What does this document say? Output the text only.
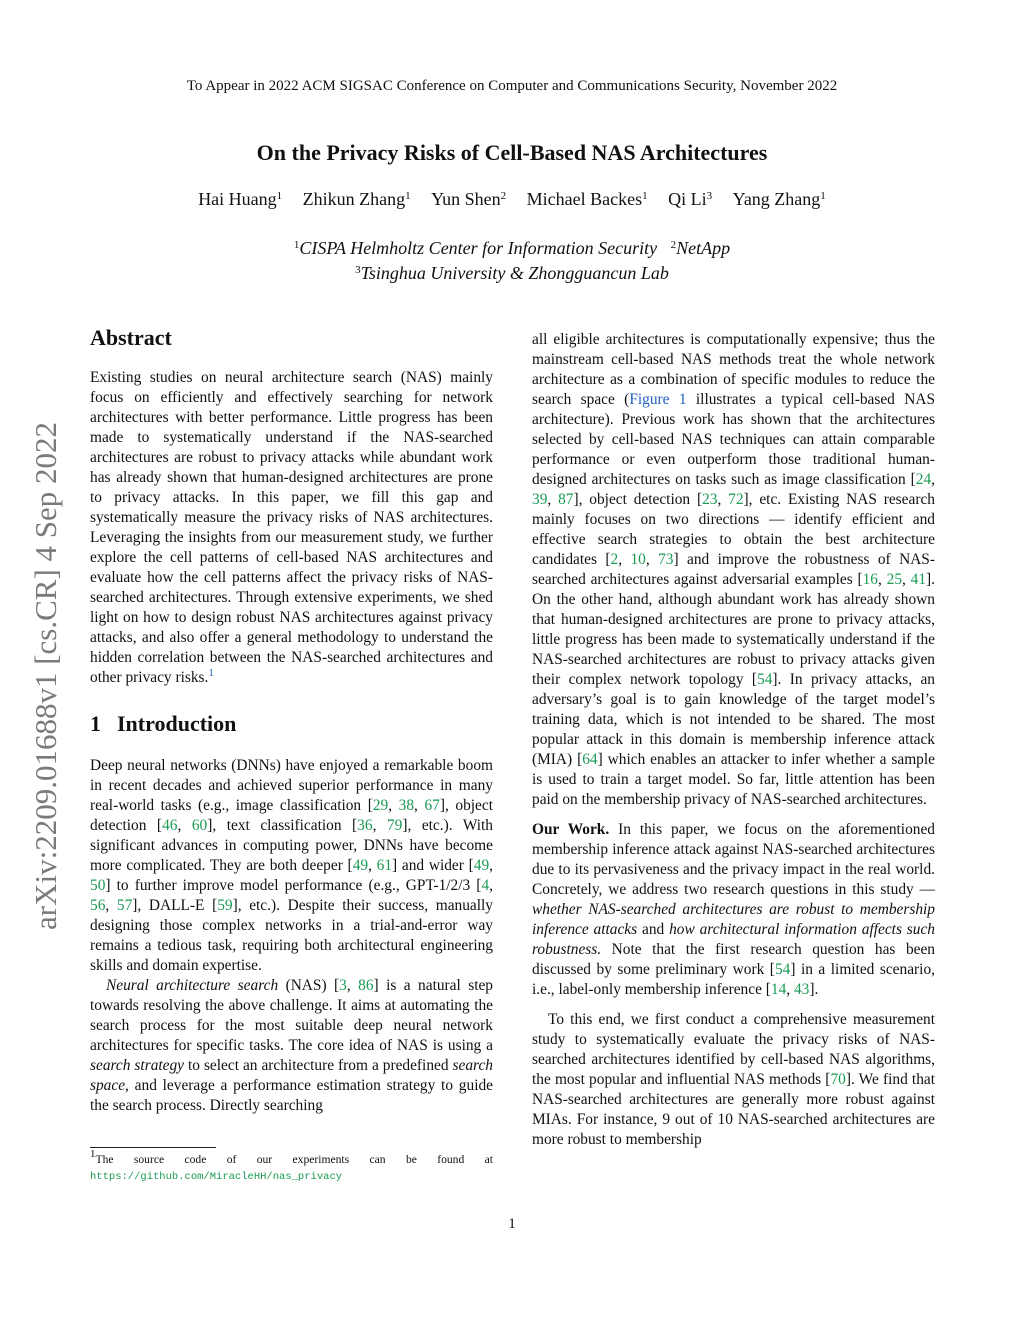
To Appear in 2022 ACM SIGSAC Conference on Computer and Communications Security, November 2022
On the Privacy Risks of Cell-Based NAS Architectures
Hai Huang$^1$ Zhikun Zhang$^1$ Yun Shen$^2$ Michael Backes$^1$ Qi Li$^3$ Yang Zhang$^1$
$^1$CISPA Helmholtz Center for Information Security $^2$NetApp
$^3$Tsinghua University & Zhongguancun Lab
arXiv:2209.01688v1 [cs.CR] 4 Sep 2022
Abstract

Existing studies on neural architecture search (NAS) mainly focus on efficiently and effectively searching for network architectures with better performance. Little progress has been made to systematically understand if the NAS-searched architectures are robust to privacy attacks while abundant work has already shown that human-designed architectures are prone to privacy attacks. In this paper, we fill this gap and systematically measure the privacy risks of NAS architectures. Leveraging the insights from our measurement study, we further explore the cell patterns of cell-based NAS architectures and evaluate how the cell patterns affect the privacy risks of NAS-searched architectures. Through extensive experiments, we shed light on how to design robust NAS architectures against privacy attacks, and also offer a general methodology to understand the hidden correlation between the NAS-searched architectures and other privacy risks.$^1$

1 Introduction

Deep neural networks (DNNs) have enjoyed a remarkable boom in recent decades and achieved superior performance in many real-world tasks (e.g., image classification [29, 38, 67], object detection [46, 60], text classification [36, 79], etc.). With significant advances in computing power, DNNs have become more complicated. They are both deeper [49, 61] and wider [49, 50] to further improve model performance (e.g., GPT-1/2/3 [4, 56, 57], DALL-E [59], etc.). Despite their success, manually designing those complex networks in a trial-and-error way remains a tedious task, requiring both architectural engineering skills and domain expertise.

Neural architecture search (NAS) [3, 86] is a natural step towards resolving the above challenge. It aims at automating the search process for the most suitable deep neural network architectures for specific tasks. The core idea of NAS is using a search strategy to select an architecture from a predefined search space, and leverage a performance estimation strategy to guide the search process. Directly searching

$^1$The source code of our experiments can be found at https://github.com/MiracleHH/nas_privacy

all eligible architectures is computationally expensive; thus the mainstream cell-based NAS methods treat the whole network architecture as a combination of specific modules to reduce the search space (Figure 1 illustrates a typical cell-based NAS architecture). Previous work has shown that the architectures selected by cell-based NAS techniques can attain comparable performance or even outperform those traditional human-designed architectures on tasks such as image classification [24, 39, 87], object detection [23, 72], etc. Existing NAS research mainly focuses on two directions — identify efficient and effective search strategies to obtain the best architecture candidates [2, 10, 73] and improve the robustness of NAS-searched architectures against adversarial examples [16, 25, 41]. On the other hand, although abundant work has already shown that human-designed architectures are prone to privacy attacks, little progress has been made to systematically understand if the NAS-searched architectures are robust to privacy attacks given their complex network topology [54]. In privacy attacks, an adversary’s goal is to gain knowledge of the target model’s training data, which is not intended to be shared. The most popular attack in this domain is membership inference attack (MIA) [64] which enables an attacker to infer whether a sample is used to train a target model. So far, little attention has been paid on the membership privacy of NAS-searched architectures.

Our Work. In this paper, we focus on the aforementioned membership inference attack against NAS-searched architectures due to its pervasiveness and the privacy impact in the real world. Concretely, we address two research questions in this study — whether NAS-searched architectures are robust to membership inference attacks and how architectural information affects such robustness. Note that the first research question has been discussed by some preliminary work [54] in a limited scenario, i.e., label-only membership inference [14, 43].

To this end, we first conduct a comprehensive measurement study to systematically evaluate the privacy risks of NAS-searched architectures identified by cell-based NAS algorithms, the most popular and influential NAS methods [70]. We find that NAS-searched architectures are generally more robust against MIAs. For instance, 9 out of 10 NAS-searched architectures are more robust to membership

1
